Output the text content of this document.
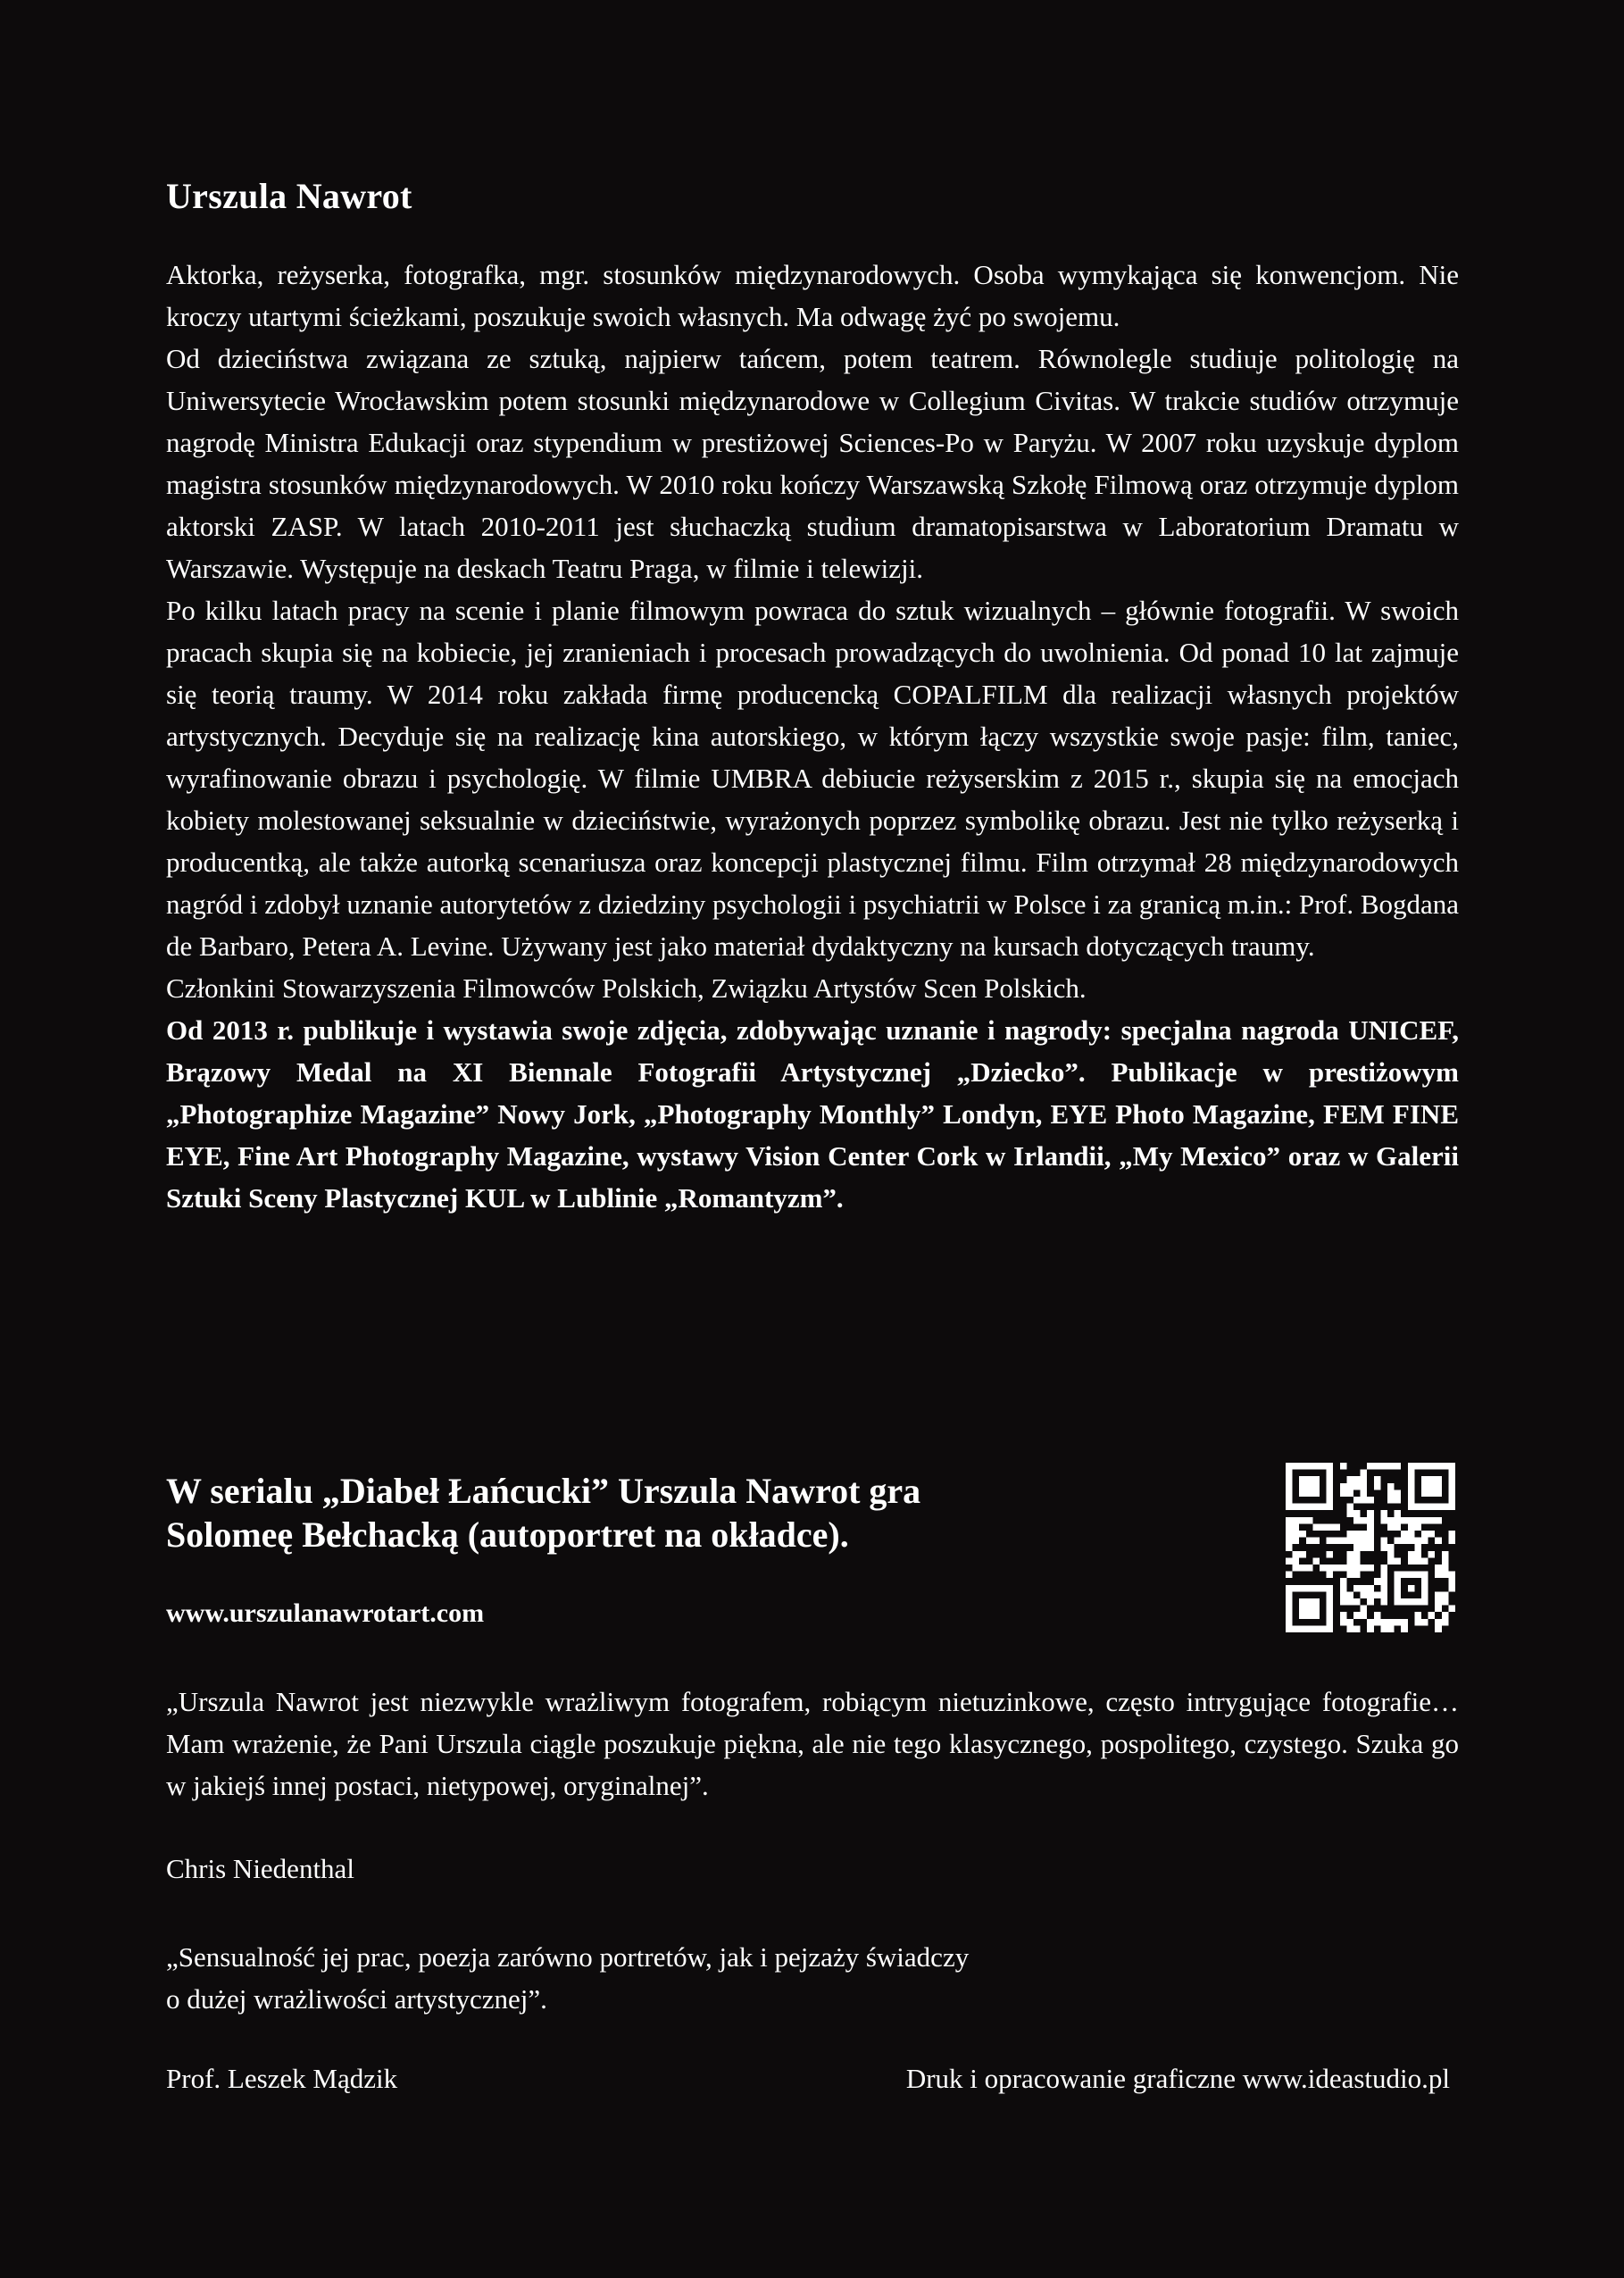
Urszula Nawrot

Aktorka, reżyserka, fotografka, mgr. stosunków międzynarodowych. Osoba wymykająca się konwencjom. Nie kroczy utartymi ścieżkami, poszukuje swoich własnych. Ma odwagę żyć po swojemu.

Od dzieciństwa związana ze sztuką, najpierw tańcem, potem teatrem. Równolegle studiuje politologię na Uniwersytecie Wrocławskim potem stosunki międzynarodowe w Collegium Civitas. W trakcie studiów otrzymuje nagrodę Ministra Edukacji oraz stypendium w prestiżowej Sciences-Po w Paryżu. W 2007 roku uzyskuje dyplom magistra stosunków międzynarodowych. W 2010 roku kończy Warszawską Szkołę Filmową oraz otrzymuje dyplom aktorski ZASP. W latach 2010-2011 jest słuchaczką studium dramatopisarstwa w Laboratorium Dramatu w Warszawie. Występuje na deskach Teatru Praga, w filmie i telewizji.

Po kilku latach pracy na scenie i planie filmowym powraca do sztuk wizualnych – głównie fotografii. W swoich pracach skupia się na kobiecie, jej zranieniach i procesach prowadzących do uwolnienia. Od ponad 10 lat zajmuje się teorią traumy. W 2014 roku zakłada firmę producencką COPALFILM dla realizacji własnych projektów artystycznych. Decyduje się na realizację kina autorskiego, w którym łączy wszystkie swoje pasje: film, taniec, wyrafinowanie obrazu i psychologię. W filmie UMBRA debiucie reżyserskim z 2015 r., skupia się na emocjach kobiety molestowanej seksualnie w dzieciństwie, wyrażonych poprzez symbolikę obrazu. Jest nie tylko reżyserką i producentką, ale także autorką scenariusza oraz koncepcji plastycznej filmu. Film otrzymał 28 międzynarodowych nagród i zdobył uznanie autorytetów z dziedziny psychologii i psychiatrii w Polsce i za granicą m.in.: Prof. Bogdana de Barbaro, Petera A. Levine. Używany jest jako materiał dydaktyczny na kursach dotyczących traumy.

Członkini Stowarzyszenia Filmowców Polskich, Związku Artystów Scen Polskich.

Od 2013 r. publikuje i wystawia swoje zdjęcia, zdobywając uznanie i nagrody: specjalna nagroda UNICEF, Brązowy Medal na XI Biennale Fotografii Artystycznej „Dziecko”. Publikacje w prestiżowym „Photographize Magazine” Nowy Jork, „Photography Monthly” Londyn, EYE Photo Magazine, FEM FINE EYE, Fine Art Photography Magazine, wystawy Vision Center Cork w Irlandii, „My Mexico” oraz w Galerii Sztuki Sceny Plastycznej KUL w Lublinie „Romantyzm”.

W serialu „Diabeł Łańcucki” Urszula Nawrot gra
Solomeę Bełchacką (autoportret na okładce).

www.urszulanawrotart.com

„Urszula Nawrot jest niezwykle wrażliwym fotografem, robiącym nietuzinkowe, często intrygujące fotografie… Mam wrażenie, że Pani Urszula ciągle poszukuje piękna, ale nie tego klasycznego, pospolitego, czystego. Szuka go w jakiejś innej postaci, nietypowej, oryginalnej”.

Chris Niedenthal

„Sensualność jej prac, poezja zarówno portretów, jak i pejzaży świadczy
o dużej wrażliwości artystycznej”.

Prof. Leszek Mądzik	Druk i opracowanie graficzne www.ideastudio.pl
